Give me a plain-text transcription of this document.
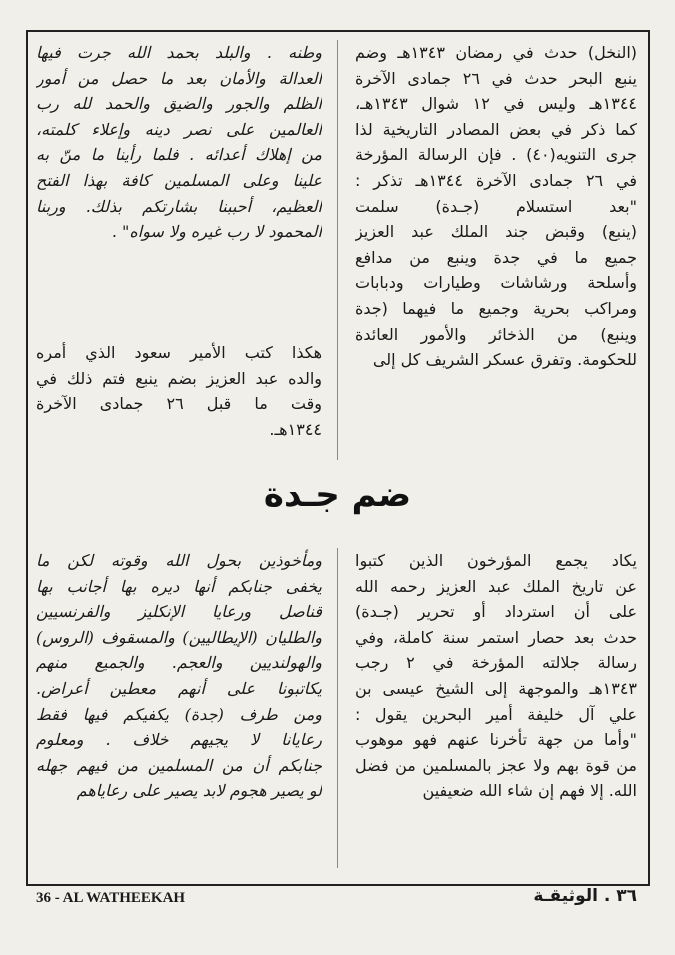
(النخل) حدث في رمضان ١٣٤٣هـ وضم
ينبع البحر حدث في ٢٦ جمادى الآخرة
١٣٤٤هـ وليس في ١٢ شوال ١٣٤٣هـ،
كما ذكر في بعض المصادر التاريخية لذا
جرى التنويه(٤٠) . فإن الرسالة المؤرخة
في ٢٦ جمادى الآخرة ١٣٤٤هـ تذكر :
"بعد استسلام (جـدة) سلمت
(ينبع) وقبض جند الملك عبد العزيز
جميع ما في جدة وينبع من مدافع
وأسلحة ورشاشات وطيارات ودبابات
ومراكب بحرية وجميع ما فيهما (جدة
وينبع) من الذخائر والأمور العائدة
للحكومة. وتفرق عسكر الشريف كل إلى
وطنه . والبلد بحمد الله جرت فيها
العدالة والأمان بعد ما حصل من أمور
الظلم والجور والضيق والحمد لله رب
العالمين على نصر دينه وإعلاء كلمته،
من إهلاك أعدائه . فلما رأينا ما منّ به
علينا وعلى المسلمين كافة بهذا الفتح
العظيم، أحببنا بشارتكم بذلك. وربنا
المحمود لا رب غيره ولا سواه" .
هكذا كتب الأمير سعود الذي أمره
والده عبد العزيز بضم ينبع فتم ذلك في
وقت ما قبل ٢٦ جمادى الآخرة
١٣٤٤هـ.
ضم جـدة
يكاد يجمع المؤرخون الذين كتبوا
عن تاريخ الملك عبد العزيز رحمه الله
على أن استرداد أو تحرير (جـدة)
حدث بعد حصار استمر سنة كاملة، وفي
رسالة جلالته المؤرخة في ٢ رجب
١٣٤٣هـ والموجهة إلى الشيخ عيسى بن
علي آل خليفة أمير البحرين يقول :
"وأما من جهة تأخرنا عنهم فهو موهوب
من قوة بهم ولا عجز بالمسلمين من فضل
الله. إلا فهم إن شاء الله ضعيفين
ومأخوذين بحول الله وقوته لكن ما
يخفى جنابكم أنها ديره بها أجانب بها
قناصل ورعايا الإنكليز والفرنسيين
والطليان (الإيطاليين) والمسقوف (الروس)
والهولنديين والعجم. والجميع منهم
يكاتبونا على أنهم معطين أعراض.
ومن طرف (جدة) يكفيكم فيها فقط
رعايانا لا يجيهم خلاف . ومعلوم
جنابكم أن من المسلمين من فيهم جهله
لو يصير هجوم لابد يصير على رعاياهم
36 - AL WATHEEKAH	٣٦ . الوثيقـة
